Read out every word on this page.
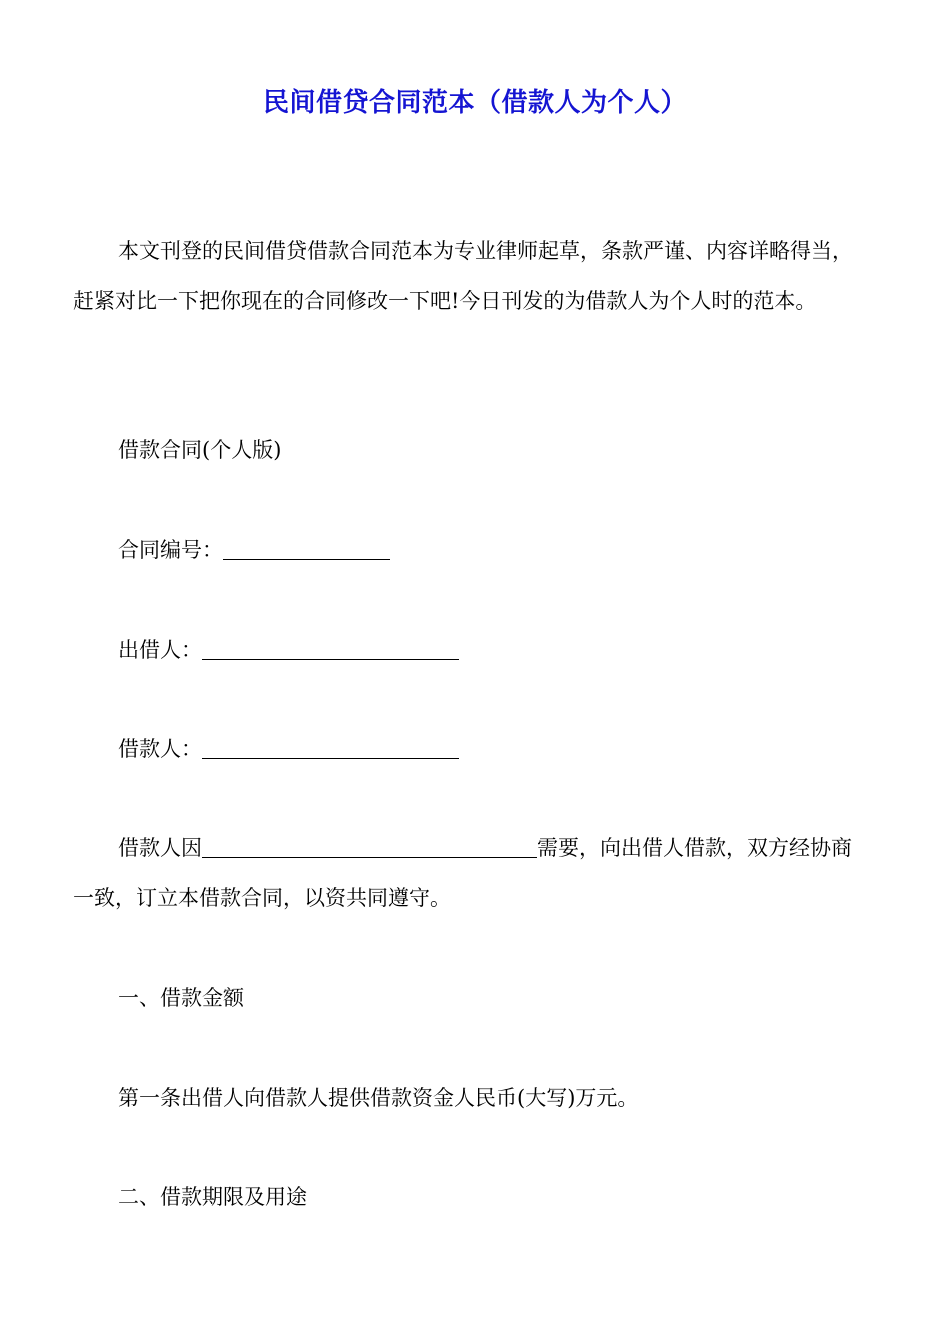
民间借贷合同范本（借款人为个人）
本文刊登的民间借贷借款合同范本为专业律师起草，条款严谨、内容详略得当，
赶紧对比一下把你现在的合同修改一下吧!今日刊发的为借款人为个人时的范本。
借款合同(个人版)
合同编号：
出借人：
借款人：
借款人因	需要，向出借人借款，双方经协商
一致，订立本借款合同，以资共同遵守。
一、借款金额
第一条出借人向借款人提供借款资金人民币(大写)万元。
二、借款期限及用途
